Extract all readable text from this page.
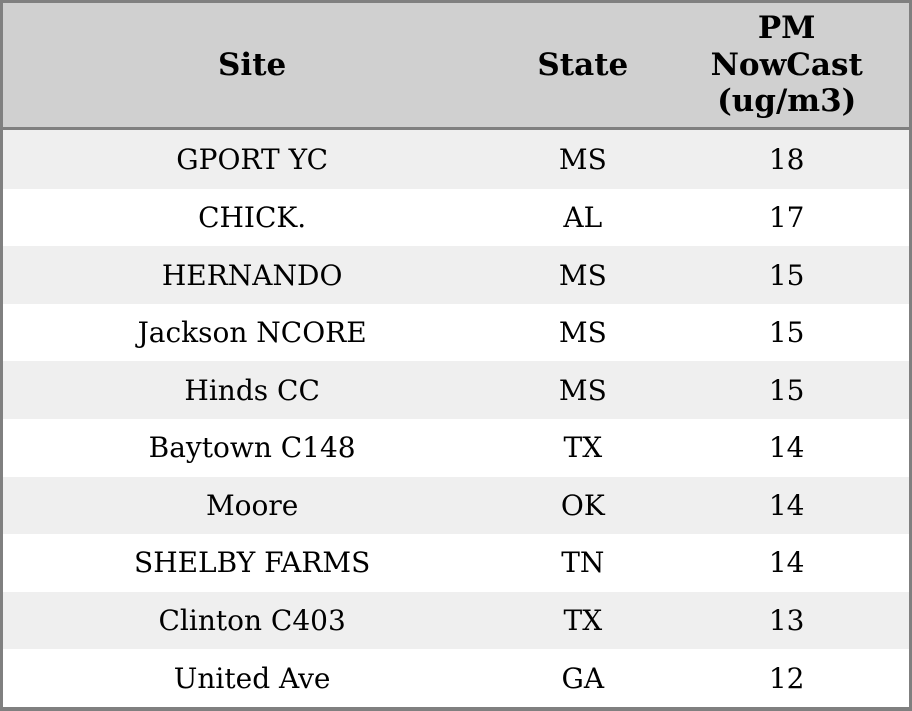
Site	State	PM NowCast (ug/m3)
GPORT YC	MS	18
CHICK.	AL	17
HERNANDO	MS	15
Jackson NCORE	MS	15
Hinds CC	MS	15
Baytown C148	TX	14
Moore	OK	14
SHELBY FARMS	TN	14
Clinton C403	TX	13
United Ave	GA	12
